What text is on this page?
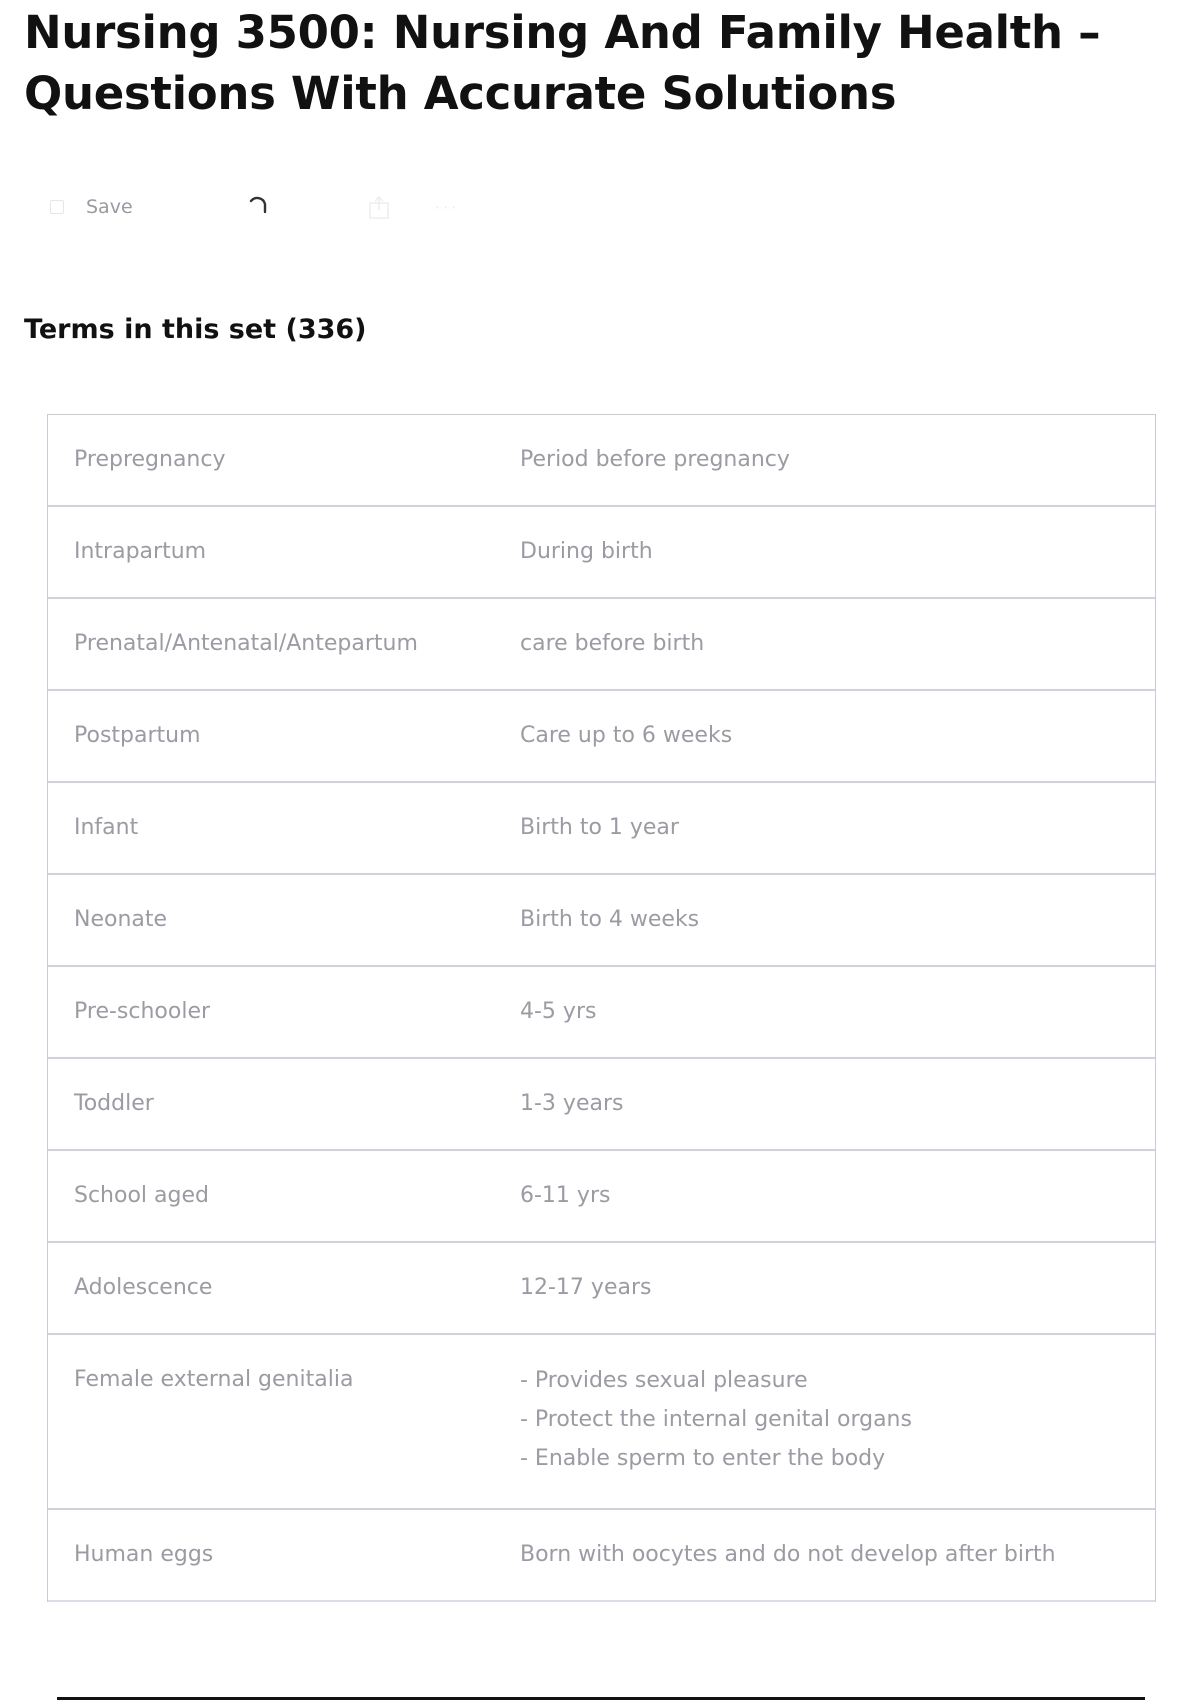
Nursing 3500: Nursing And Family Health – Questions With Accurate Solutions
Save	···
Terms in this set (336)
Prepregnancy	Period before pregnancy
Intrapartum	During birth
Prenatal/Antenatal/Antepartum	care before birth
Postpartum	Care up to 6 weeks
Infant	Birth to 1 year
Neonate	Birth to 4 weeks
Pre-schooler	4-5 yrs
Toddler	1-3 years
School aged	6-11 yrs
Adolescence	12-17 years
Female external genitalia	- Provides sexual pleasure
- Protect the internal genital organs
- Enable sperm to enter the body
Human eggs	Born with oocytes and do not develop after birth
